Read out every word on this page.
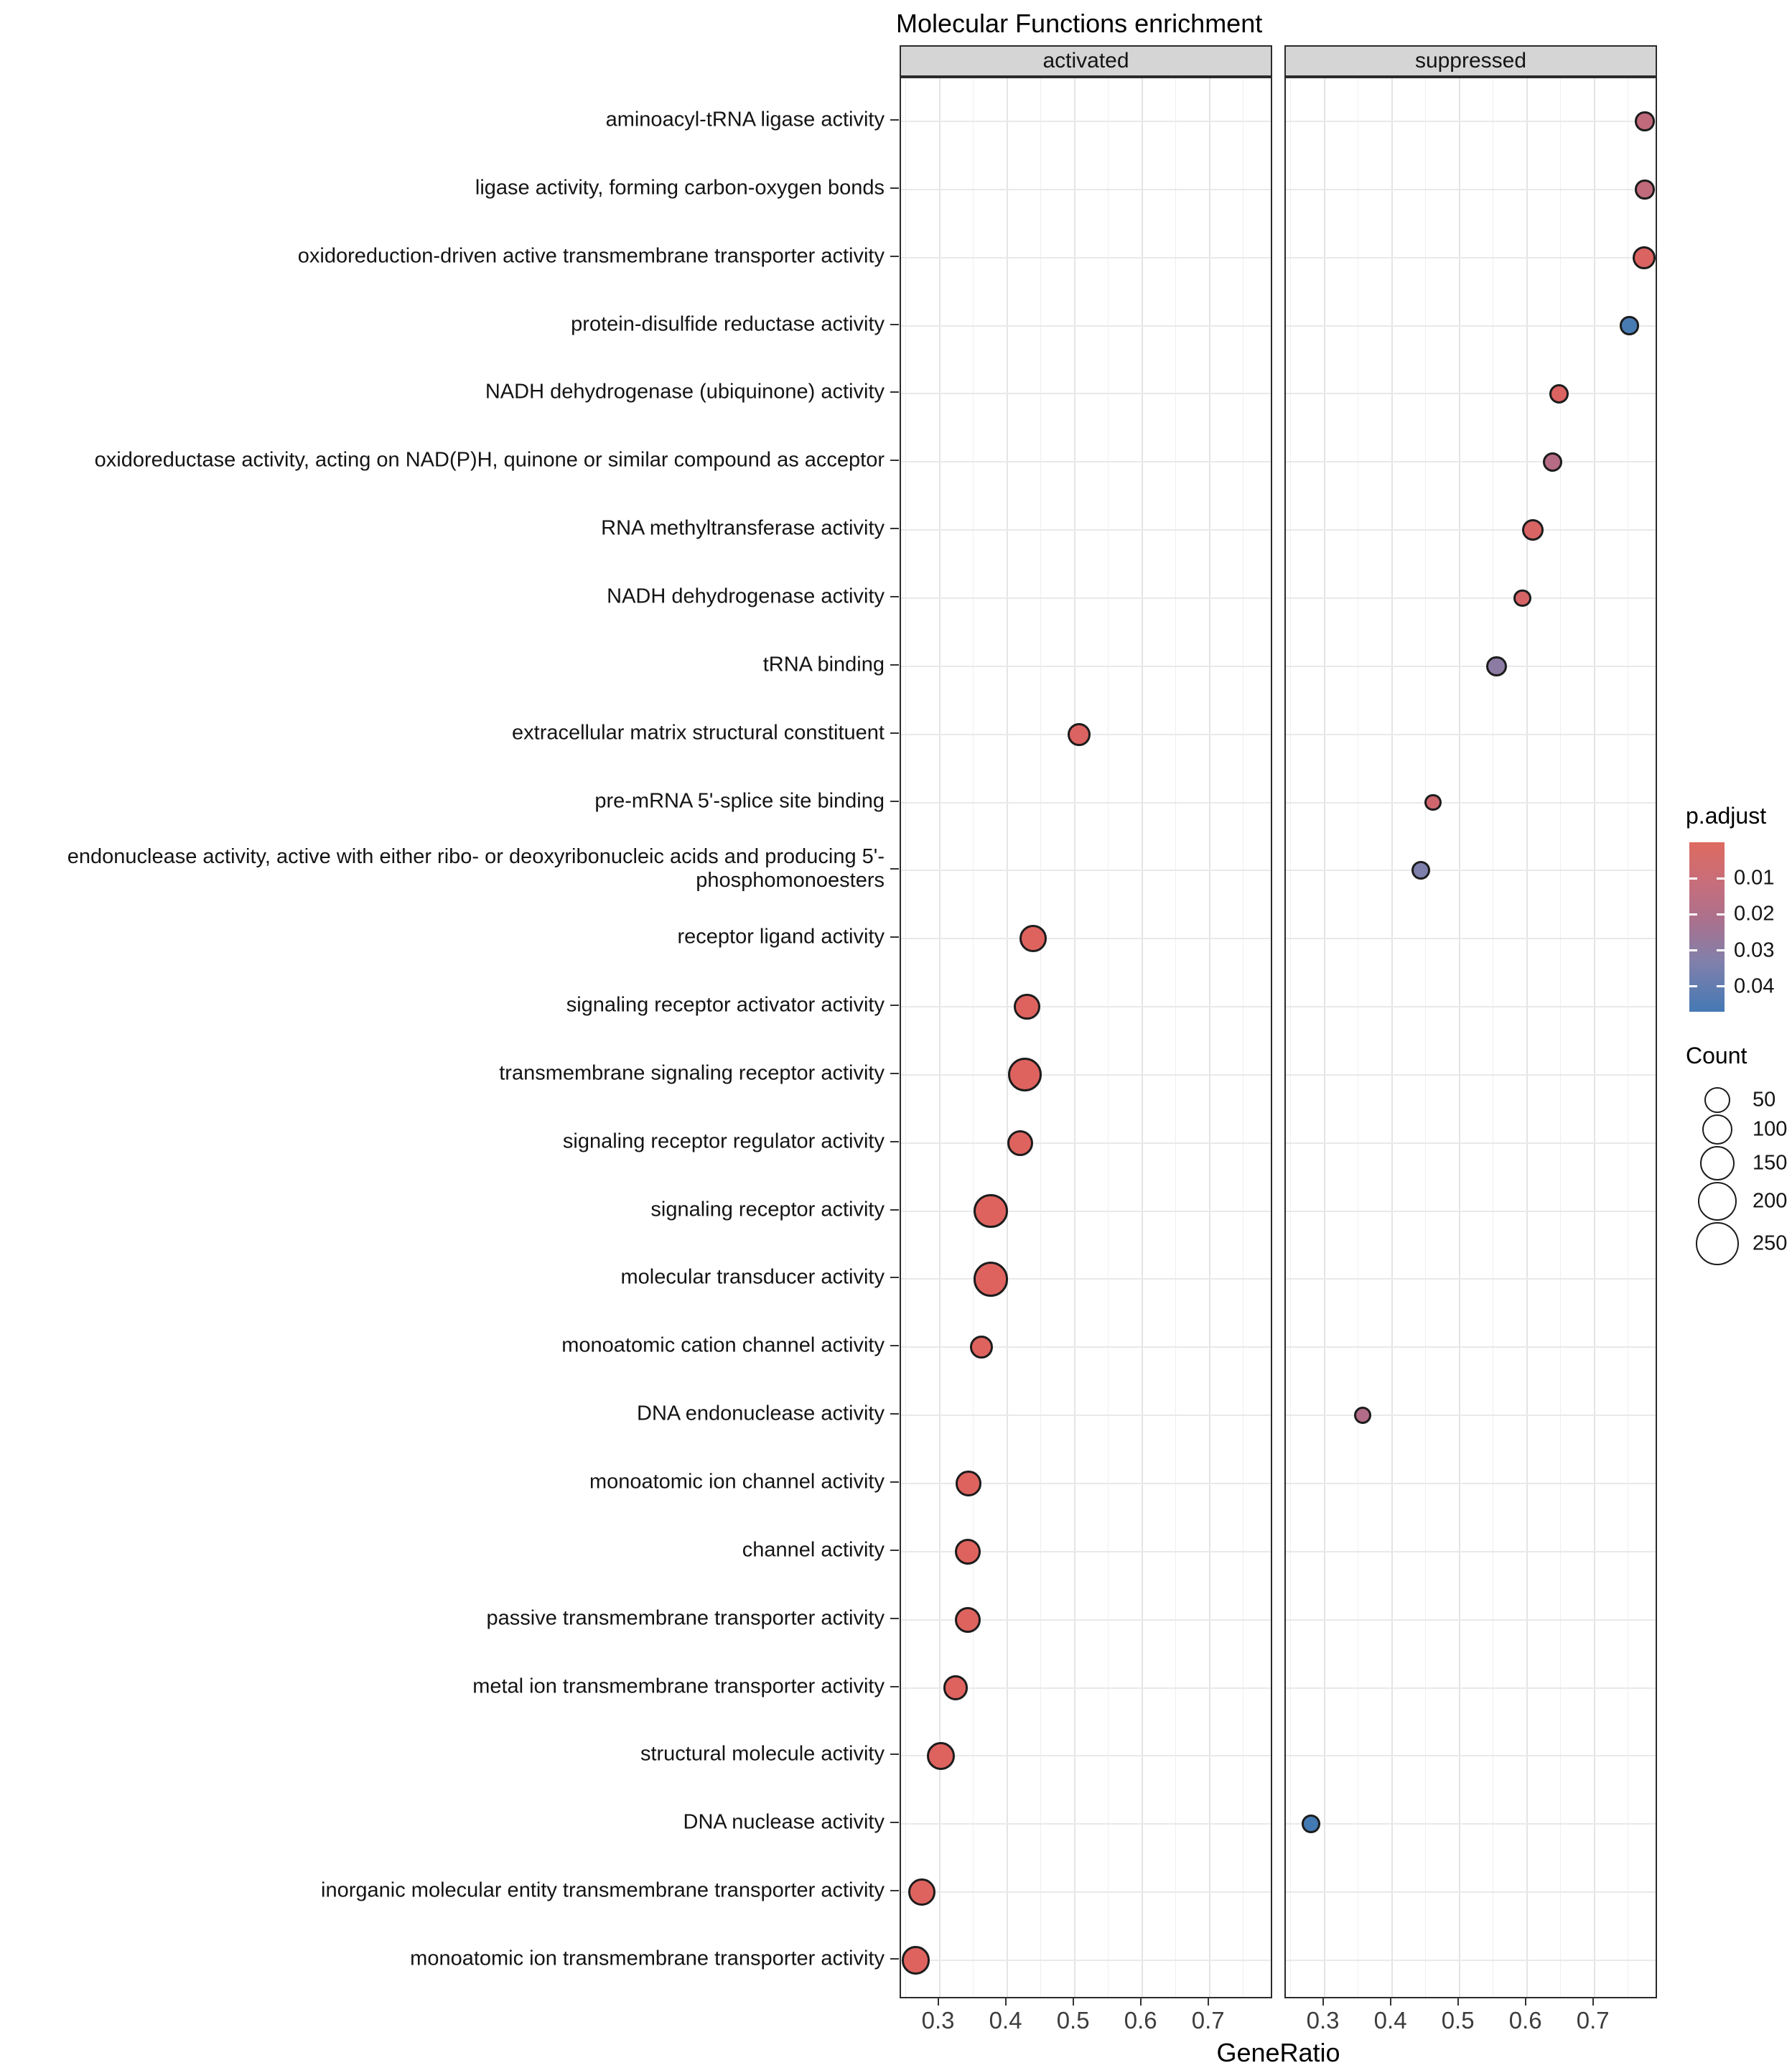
Molecular Functions enrichment
activated	suppressed
aminoacyl-tRNA ligase activity
ligase activity, forming carbon-oxygen bonds
oxidoreduction-driven active transmembrane transporter activity
protein-disulfide reductase activity
NADH dehydrogenase (ubiquinone) activity
oxidoreductase activity, acting on NAD(P)H, quinone or similar compound as acceptor
RNA methyltransferase activity
NADH dehydrogenase activity
tRNA binding
extracellular matrix structural constituent
pre-mRNA 5'-splice site binding
endonuclease activity, active with either ribo- or deoxyribonucleic acids and producing 5'-phosphomonoesters
receptor ligand activity
signaling receptor activator activity
transmembrane signaling receptor activity
signaling receptor regulator activity
signaling receptor activity
molecular transducer activity
monoatomic cation channel activity
DNA endonuclease activity
monoatomic ion channel activity
channel activity
passive transmembrane transporter activity
metal ion transmembrane transporter activity
structural molecule activity
DNA nuclease activity
inorganic molecular entity transmembrane transporter activity
monoatomic ion transmembrane transporter activity
0.3 0.4 0.5 0.6 0.7	0.3 0.4 0.5 0.6 0.7
GeneRatio
p.adjust
0.01
0.02
0.03
0.04
Count
50
100
150
200
250
